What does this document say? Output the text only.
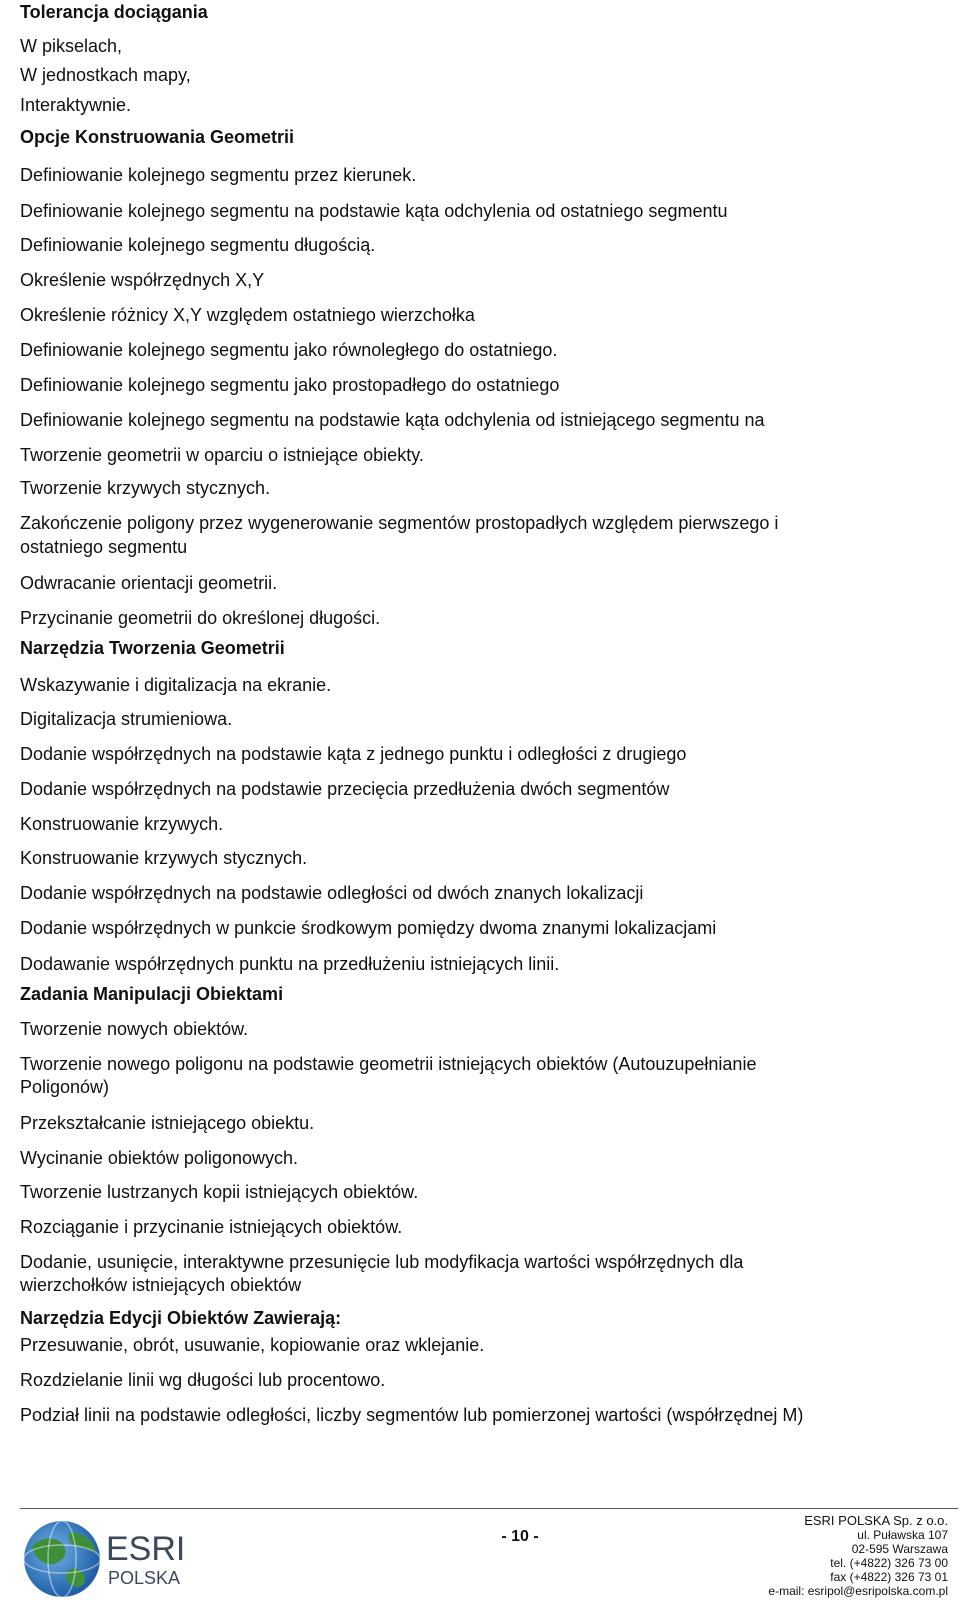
Tolerancja dociągania

W pikselach,

W jednostkach mapy,

Interaktywnie.

Opcje Konstruowania Geometrii

Definiowanie kolejnego segmentu przez kierunek.

Definiowanie kolejnego segmentu na podstawie kąta odchylenia od ostatniego segmentu

Definiowanie kolejnego segmentu długością.

Określenie współrzędnych X,Y

Określenie różnicy X,Y względem ostatniego wierzchołka

Definiowanie kolejnego segmentu jako równoległego do ostatniego.

Definiowanie kolejnego segmentu jako prostopadłego do ostatniego

Definiowanie kolejnego segmentu na podstawie kąta odchylenia od istniejącego segmentu na

Tworzenie geometrii w oparciu o istniejące obiekty.

Tworzenie krzywych stycznych.

Zakończenie poligony przez wygenerowanie segmentów prostopadłych względem pierwszego i

ostatniego segmentu

Odwracanie orientacji geometrii.

Przycinanie geometrii do określonej długości.

Narzędzia Tworzenia Geometrii

Wskazywanie i digitalizacja na ekranie.

Digitalizacja strumieniowa.

Dodanie współrzędnych na podstawie kąta z jednego punktu i odległości z drugiego

Dodanie współrzędnych na podstawie przecięcia przedłużenia dwóch segmentów

Konstruowanie krzywych.

Konstruowanie krzywych stycznych.

Dodanie współrzędnych na podstawie odległości od dwóch znanych lokalizacji

Dodanie współrzędnych w punkcie środkowym pomiędzy dwoma znanymi lokalizacjami

Dodawanie współrzędnych punktu na przedłużeniu istniejących linii.

Zadania Manipulacji Obiektami

Tworzenie nowych obiektów.

Tworzenie nowego poligonu na podstawie geometrii istniejących obiektów (Autouzupełnianie

Poligonów)

Przekształcanie istniejącego obiektu.

Wycinanie obiektów poligonowych.

Tworzenie lustrzanych kopii istniejących obiektów.

Rozciąganie i przycinanie istniejących obiektów.

Dodanie, usunięcie, interaktywne przesunięcie lub modyfikacja wartości współrzędnych dla

wierzchołków istniejących obiektów

Narzędzia Edycji Obiektów Zawierają:

Przesuwanie, obrót, usuwanie, kopiowanie oraz wklejanie.

Rozdzielanie linii wg długości lub procentowo.

Podział linii na podstawie odległości, liczby segmentów lub pomierzonej wartości (współrzędnej M)

ESRI
POLSKA
- 10 -
ESRI POLSKA Sp. z o.o.
ul. Puławska 107
02-595 Warszawa
tel. (+4822) 326 73 00
fax (+4822) 326 73 01
e-mail: esripol@esripolska.com.pl
